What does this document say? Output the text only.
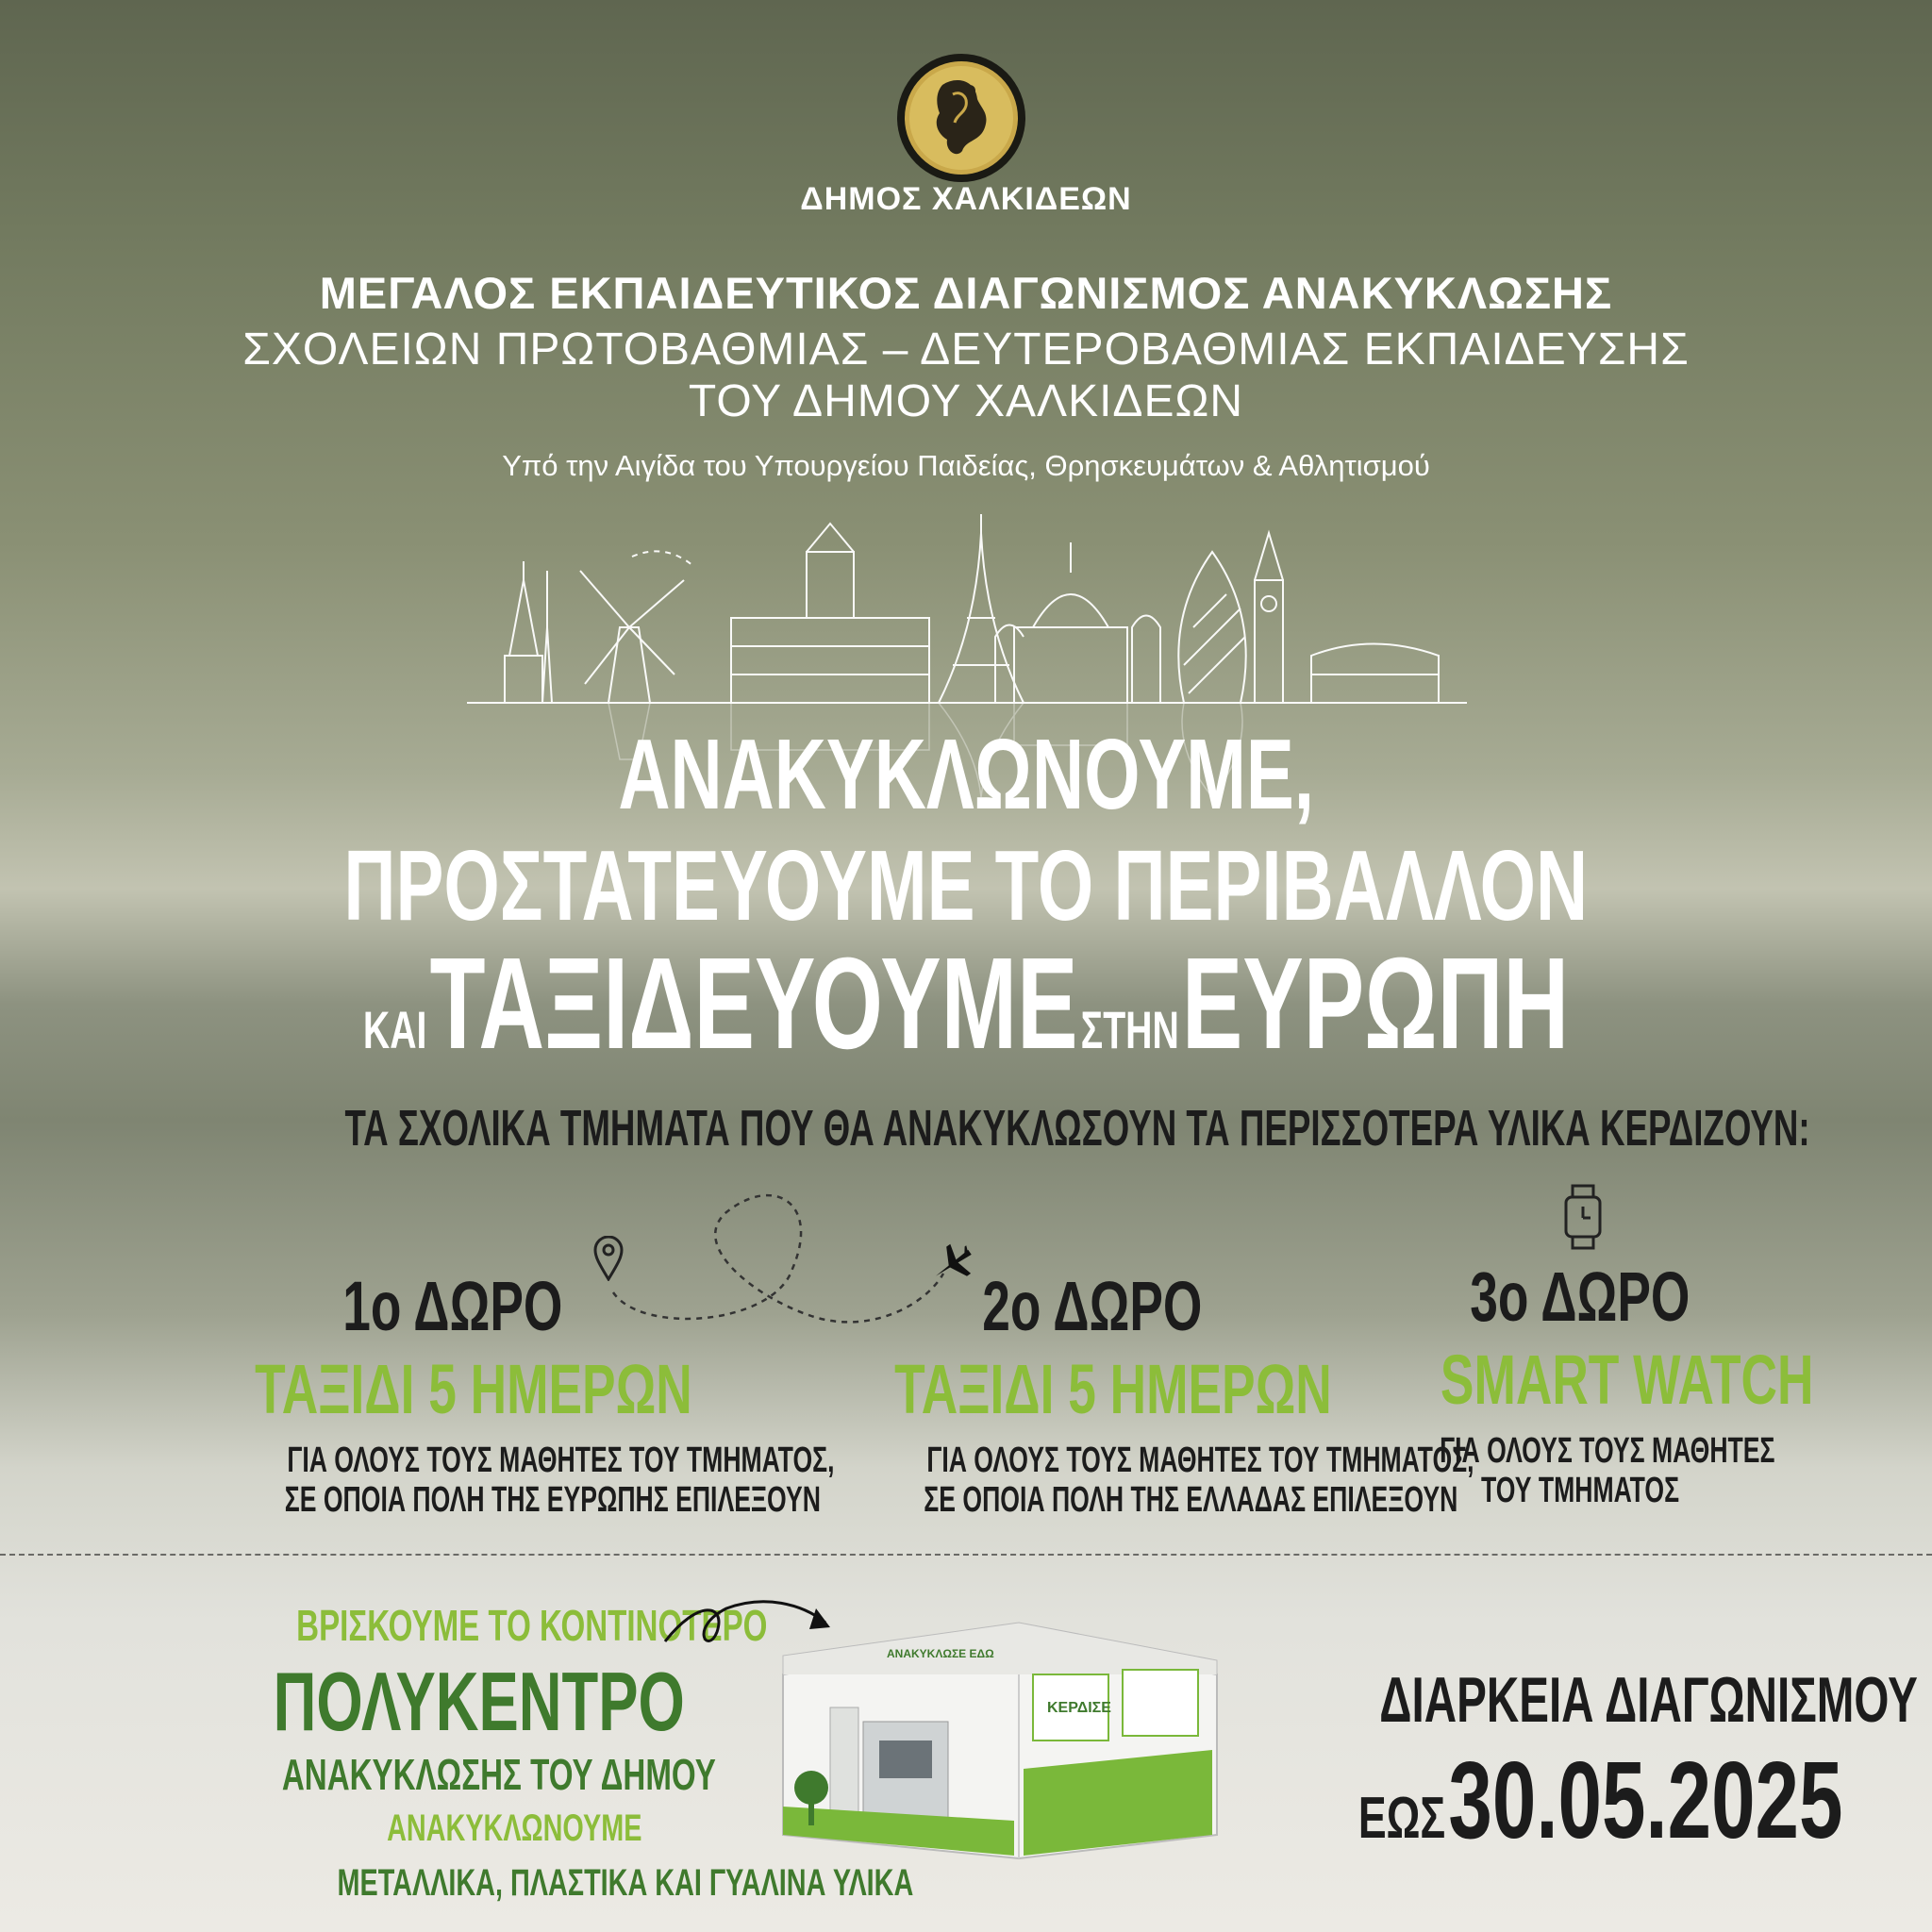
ΔΗΜΟΣ ΧΑΛΚΙΔΕΩΝ
ΜΕΓΑΛΟΣ ΕΚΠΑΙΔΕΥΤΙΚΟΣ ΔΙΑΓΩΝΙΣΜΟΣ ΑΝΑΚΥΚΛΩΣΗΣ
ΣΧΟΛΕΙΩΝ ΠΡΩΤΟΒΑΘΜΙΑΣ – ΔΕΥΤΕΡΟΒΑΘΜΙΑΣ ΕΚΠΑΙΔΕΥΣΗΣ
ΤΟΥ ΔΗΜΟΥ ΧΑΛΚΙΔΕΩΝ
Υπό την Αιγίδα του Υπουργείου Παιδείας, Θρησκευμάτων & Αθλητισμού
ΑΝΑΚΥΚΛΩΝΟΥΜΕ,
ΠΡΟΣΤΑΤΕΥΟΥΜΕ ΤΟ ΠΕΡΙΒΑΛΛΟΝ
ΚΑΙ ΤΑΞΙΔΕΥΟΥΜΕ ΣΤΗΝ ΕΥΡΩΠΗ
ΤΑ ΣΧΟΛΙΚΑ ΤΜΗΜΑΤΑ ΠΟΥ ΘΑ ΑΝΑΚΥΚΛΩΣΟΥΝ ΤΑ ΠΕΡΙΣΣΟΤΕΡΑ ΥΛΙΚΑ ΚΕΡΔΙΖΟΥΝ:
1ο ΔΩΡΟ
ΤΑΞΙΔΙ 5 ΗΜΕΡΩΝ
ΓΙΑ ΟΛΟΥΣ ΤΟΥΣ ΜΑΘΗΤΕΣ ΤΟΥ ΤΜΗΜΑΤΟΣ,
ΣΕ ΟΠΟΙΑ ΠΟΛΗ ΤΗΣ ΕΥΡΩΠΗΣ ΕΠΙΛΕΞΟΥΝ
2ο ΔΩΡΟ
ΤΑΞΙΔΙ 5 ΗΜΕΡΩΝ
ΓΙΑ ΟΛΟΥΣ ΤΟΥΣ ΜΑΘΗΤΕΣ ΤΟΥ ΤΜΗΜΑΤΟΣ,
ΣΕ ΟΠΟΙΑ ΠΟΛΗ ΤΗΣ ΕΛΛΑΔΑΣ ΕΠΙΛΕΞΟΥΝ
3ο ΔΩΡΟ
SMART WATCH
ΓΙΑ ΟΛΟΥΣ ΤΟΥΣ ΜΑΘΗΤΕΣ
ΤΟΥ ΤΜΗΜΑΤΟΣ
ΒΡΙΣΚΟΥΜΕ ΤΟ ΚΟΝΤΙΝΟΤΕΡΟ
ΠΟΛΥΚΕΝΤΡΟ
ΑΝΑΚΥΚΛΩΣΗΣ ΤΟΥ ΔΗΜΟΥ
ΑΝΑΚΥΚΛΩΝΟΥΜΕ
ΜΕΤΑΛΛΙΚΑ, ΠΛΑΣΤΙΚΑ ΚΑΙ ΓΥΑΛΙΝΑ ΥΛΙΚΑ
ΑΝΑΚΥΚΛΩΣΕ ΕΔΩ
ΚΕΡΔΙΣΕ	ΔΙΑΡΚΕΙΑ ΔΙΑΓΩΝΙΣΜΟΥ
ΕΩΣ 30.05.2025
